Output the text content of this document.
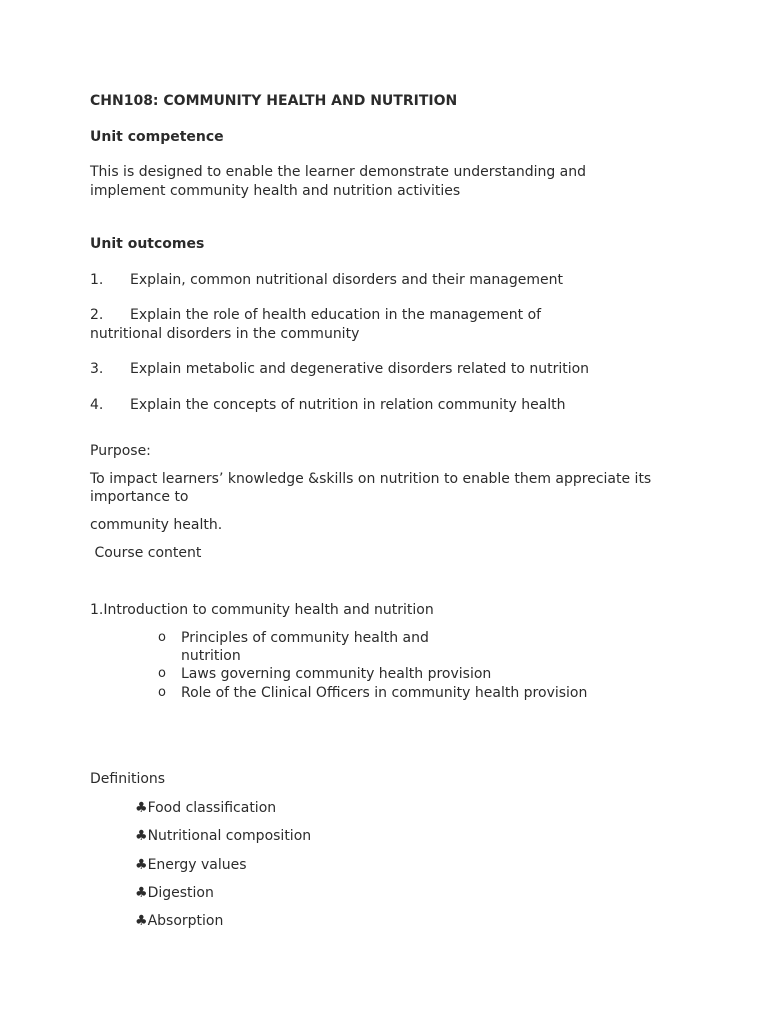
CHN108: COMMUNITY HEALTH AND NUTRITION
Unit competence
This is designed to enable the learner demonstrate understanding and
implement community health and nutrition activities
Unit outcomes
1. Explain, common nutritional disorders and their management
2. Explain the role of health education in the management of
nutritional disorders in the community
3. Explain metabolic and degenerative disorders related to nutrition
4. Explain the concepts of nutrition in relation community health
Purpose:
To impact learners’ knowledge &skills on nutrition to enable them appreciate its
importance to
community health.
Course content
1.Introduction to community health and nutrition
o Principles of community health and
nutrition
o Laws governing community health provision
o Role of the Clinical Officers in community health provision
Definitions
♣Food classification
♣Nutritional composition
♣Energy values
♣Digestion
♣Absorption
